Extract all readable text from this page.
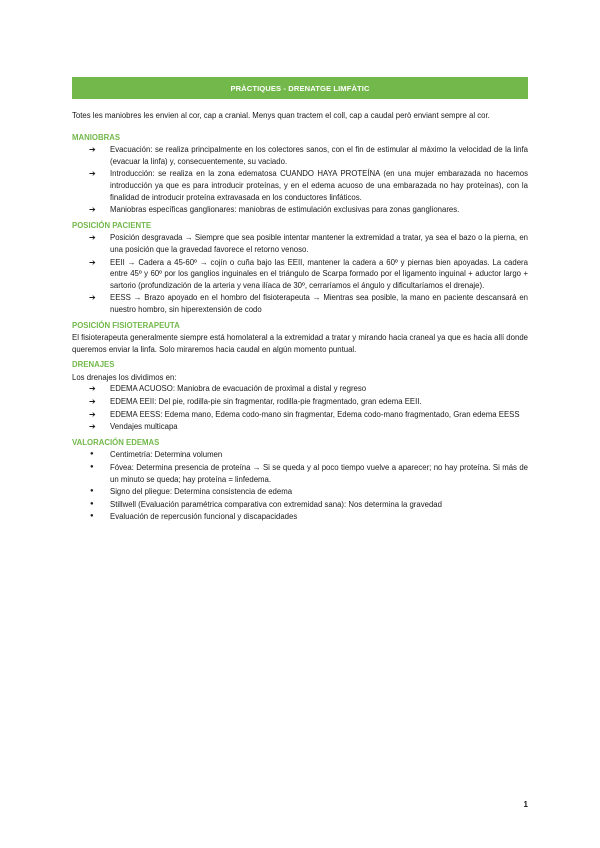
PRÀCTIQUES - DRENATGE LIMFÀTIC

Totes les maniobres les envien al cor, cap a cranial. Menys quan tractem el coll, cap a caudal però enviant sempre al cor.

MANIOBRAS
➔ Evacuación: se realiza principalmente en los colectores sanos, con el fin de estimular al máximo la velocidad de la linfa (evacuar la linfa) y, consecuentemente, su vaciado.
➔ Introducción: se realiza en la zona edematosa CUANDO HAYA PROTEÍNA (en una mujer embarazada no hacemos introducción ya que es para introducir proteínas, y en el edema acuoso de una embarazada no hay proteínas), con la finalidad de introducir proteína extravasada en los conductores linfáticos.
➔ Maniobras específicas ganglionares: maniobras de estimulación exclusivas para zonas ganglionares.
POSICIÓN PACIENTE
➔ Posición desgravada → Siempre que sea posible intentar mantener la extremidad a tratar, ya sea el bazo o la pierna, en una posición que la gravedad favorece el retorno venoso.
➔ EEII → Cadera a 45-60º → cojín o cuña bajo las EEII, mantener la cadera a 60º y piernas bien apoyadas. La cadera entre 45º y 60º por los ganglios inguinales en el triángulo de Scarpa formado por el ligamento inguinal + aductor largo + sartorio (profundización de la arteria y vena ilíaca de 30º, cerraríamos el ángulo y dificultaríamos el drenaje).
➔ EESS → Brazo apoyado en el hombro del fisioterapeuta → Mientras sea posible, la mano en paciente descansará en nuestro hombro, sin hiperextensión de codo
POSICIÓN FISIOTERAPEUTA

El fisioterapeuta generalmente siempre está homolateral a la extremidad a tratar y mirando hacia craneal ya que es hacia allí donde queremos enviar la linfa. Solo miraremos hacia caudal en algún momento puntual.

DRENAJES

Los drenajes los dividimos en:

➔ EDEMA ACUOSO: Maniobra de evacuación de proximal a distal y regreso
➔ EDEMA EEII: Del pie, rodilla-pie sin fragmentar, rodilla-pie fragmentado, gran edema EEII.
➔ EDEMA EESS: Edema mano, Edema codo-mano sin fragmentar, Edema codo-mano fragmentado, Gran edema EESS
➔ Vendajes multicapa
VALORACIÓN EDEMAS
● Centimetría: Determina volumen
● Fóvea: Determina presencia de proteína → Si se queda y al poco tiempo vuelve a aparecer; no hay proteína. Si más de un minuto se queda; hay proteína = linfedema.
● Signo del pliegue: Determina consistencia de edema
● Stillwell (Evaluación paramétrica comparativa con extremidad sana): Nos determina la gravedad
● Evaluación de repercusión funcional y discapacidades
1
